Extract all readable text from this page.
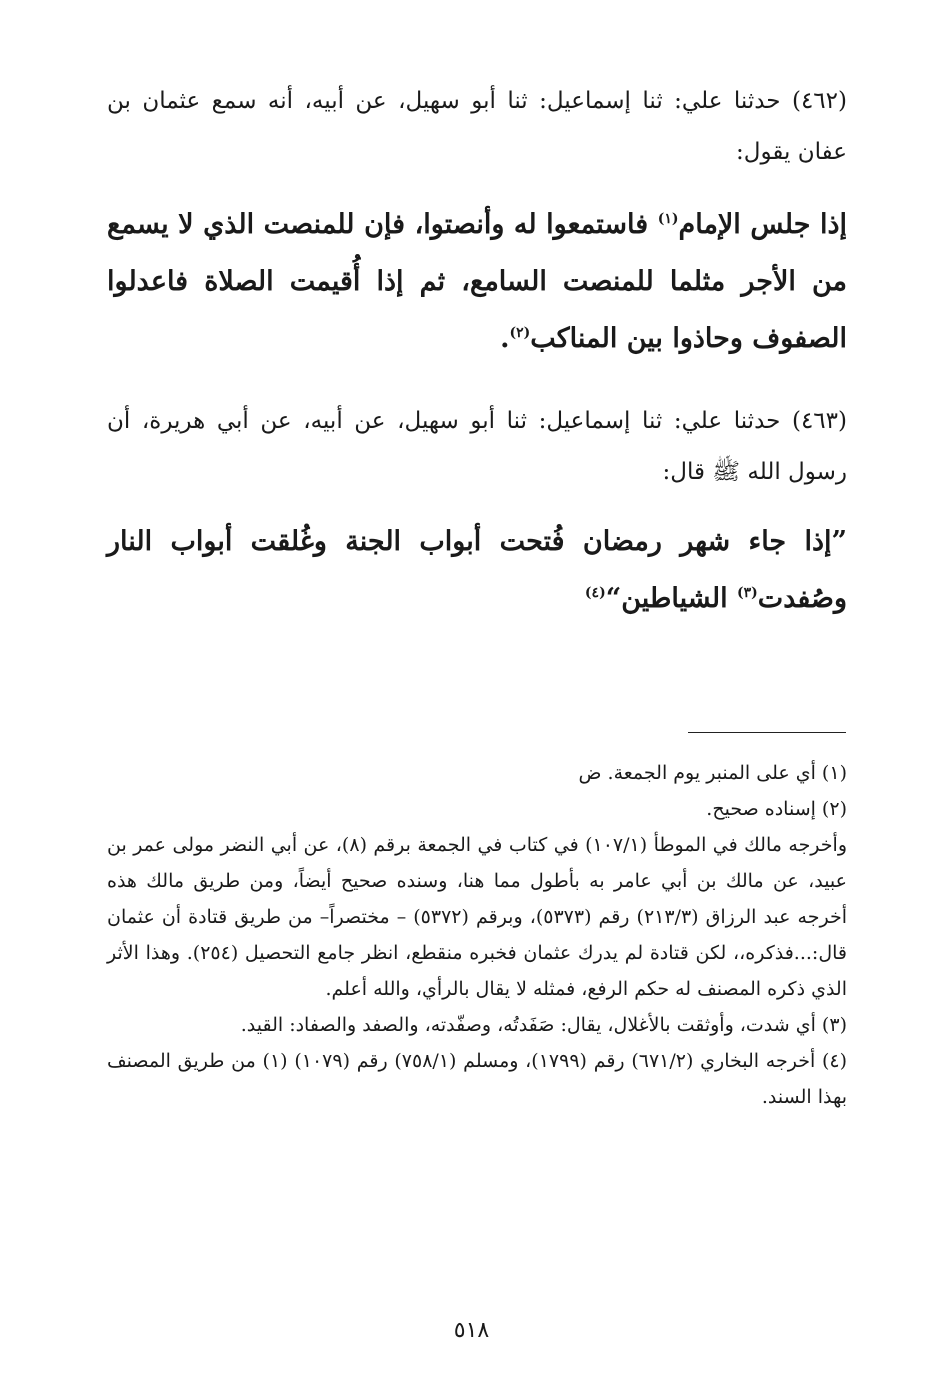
(٤٦٢) حدثنا علي: ثنا إسماعيل: ثنا أبو سهيل، عن أبيه، أنه سمع عثمان بن عفان يقول:
إذا جلس الإمام$^{(١)}$ فاستمعوا له وأنصتوا، فإن للمنصت الذي لا يسمع من الأجر مثلما للمنصت السامع، ثم إذا أُقيمت الصلاة فاعدلوا الصفوف وحاذوا بين المناكب$^{(٢)}$.
(٤٦٣) حدثنا علي: ثنا إسماعيل: ثنا أبو سهيل، عن أبيه، عن أبي هريرة، أن رسول الله ﷺ قال:
”إذا جاء شهر رمضان فُتحت أبواب الجنة وغُلقت أبواب النار وصُفدت$^{(٣)}$ الشياطين“$^{(٤)}$

(١) أي على المنبر يوم الجمعة. ض

(٢) إسناده صحيح.

وأخرجه مالك في الموطأ (١٠٧/١) في كتاب في الجمعة برقم (٨)، عن أبي النضر مولى عمر بن عبيد، عن مالك بن أبي عامر به بأطول مما هنا، وسنده صحيح أيضاً، ومن طريق مالك هذه أخرجه عبد الرزاق (٢١٣/٣) رقم (٥٣٧٣)، وبرقم (٥٣٧٢) – مختصراً– من طريق قتادة أن عثمان قال:...فذكره،، لكن قتادة لم يدرك عثمان فخبره منقطع، انظر جامع التحصيل (٢٥٤). وهذا الأثر الذي ذكره المصنف له حكم الرفع، فمثله لا يقال بالرأي، والله أعلم.

(٣) أي شدت، وأوثقت بالأغلال، يقال: صَفَدتُه، وصفّدته، والصفد والصفاد: القيد.

(٤) أخرجه البخاري (٦٧١/٢) رقم (١٧٩٩)، ومسلم (٧٥٨/١) رقم (١٠٧٩) (١) من طريق المصنف بهذا السند.

٥١٨
